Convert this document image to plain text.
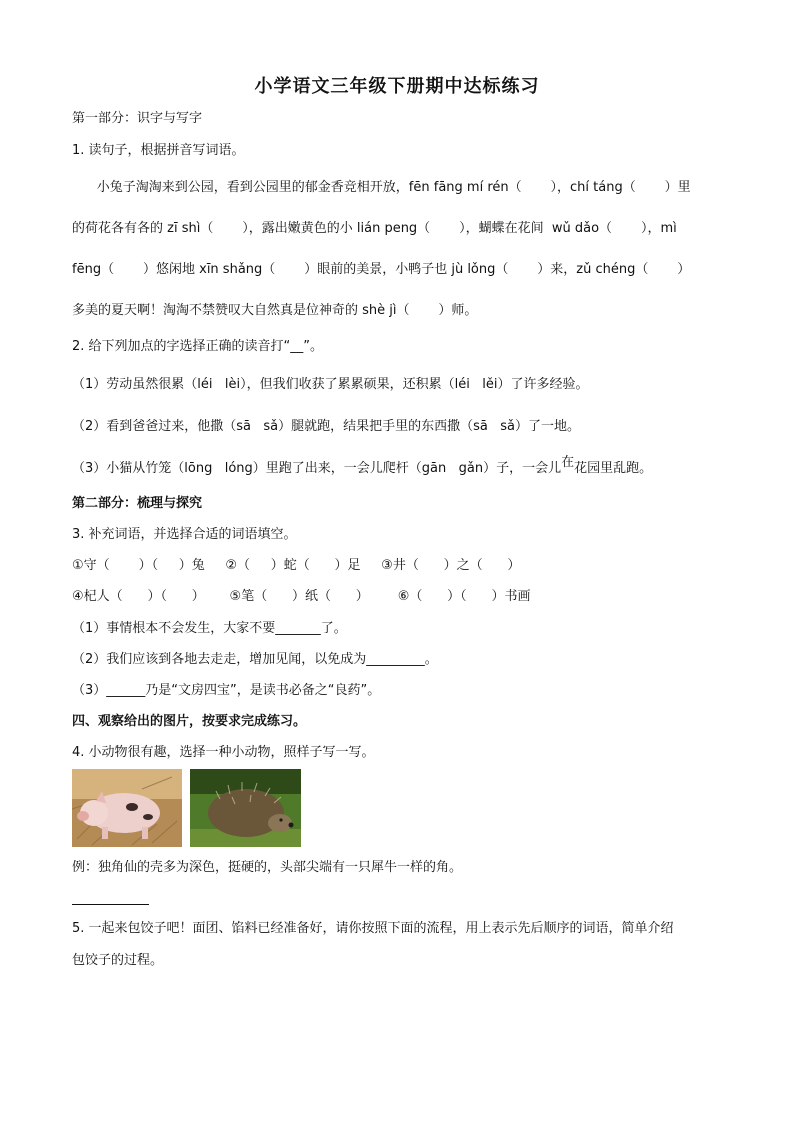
小学语文三年级下册期中达标练习
第一部分：识字与写字
1. 读句子，根据拼音写词语。
小兔子淘淘来到公园，看到公园里的郁金香竞相开放，fēn fāng mí rén（       ），chí táng（       ）里
的荷花各有各的 zī shì（       ），露出嫩黄色的小 lián peng（       ），蝴蝶在花间  wǔ dǎo（       ），mì
fēng（       ）悠闲地 xīn shǎng（       ）眼前的美景，小鸭子也 jù lǒng（       ）来，zǔ chéng（       ）
多美的夏天啊！淘淘不禁赞叹大自然真是位神奇的 shè jì（       ）师。
2. 给下列加点的字选择正确的读音打“__”。
（1）劳动虽然很累（léi   lèi），但我们收获了累累硕果，还积累（léi   lěi）了许多经验。
（2）看到爸爸过来，他撒（sā   sǎ）腿就跑，结果把手里的东西撒（sā   sǎ）了一地。
（3）小猫从竹笼（lōng   lóng）里跑了出来，一会儿爬杆（gān   gǎn）子，一会儿在花园里乱跑。
第二部分：梳理与探究
3. 补充词语，并选择合适的词语填空。
①守（       ）（     ）兔     ②（     ）蛇（      ）足     ③井（      ）之（      ）
④杞人（      ）（      ）      ⑤笔（      ）纸（      ）       ⑥（      ）（      ）书画
（1）事情根本不会发生，大家不要_______了。
（2）我们应该到各地去走走，增加见闻，以免成为_________。
（3）______乃是“文房四宝”，是读书必备之“良药”。
四、观察给出的图片，按要求完成练习。
4. 小动物很有趣，选择一种小动物，照样子写一写。
例：独角仙的壳多为深色，挺硬的，头部尖端有一只犀牛一样的角。
5. 一起来包饺子吧！面团、馅料已经准备好，请你按照下面的流程，用上表示先后顺序的词语，简单介绍
包饺子的过程。
